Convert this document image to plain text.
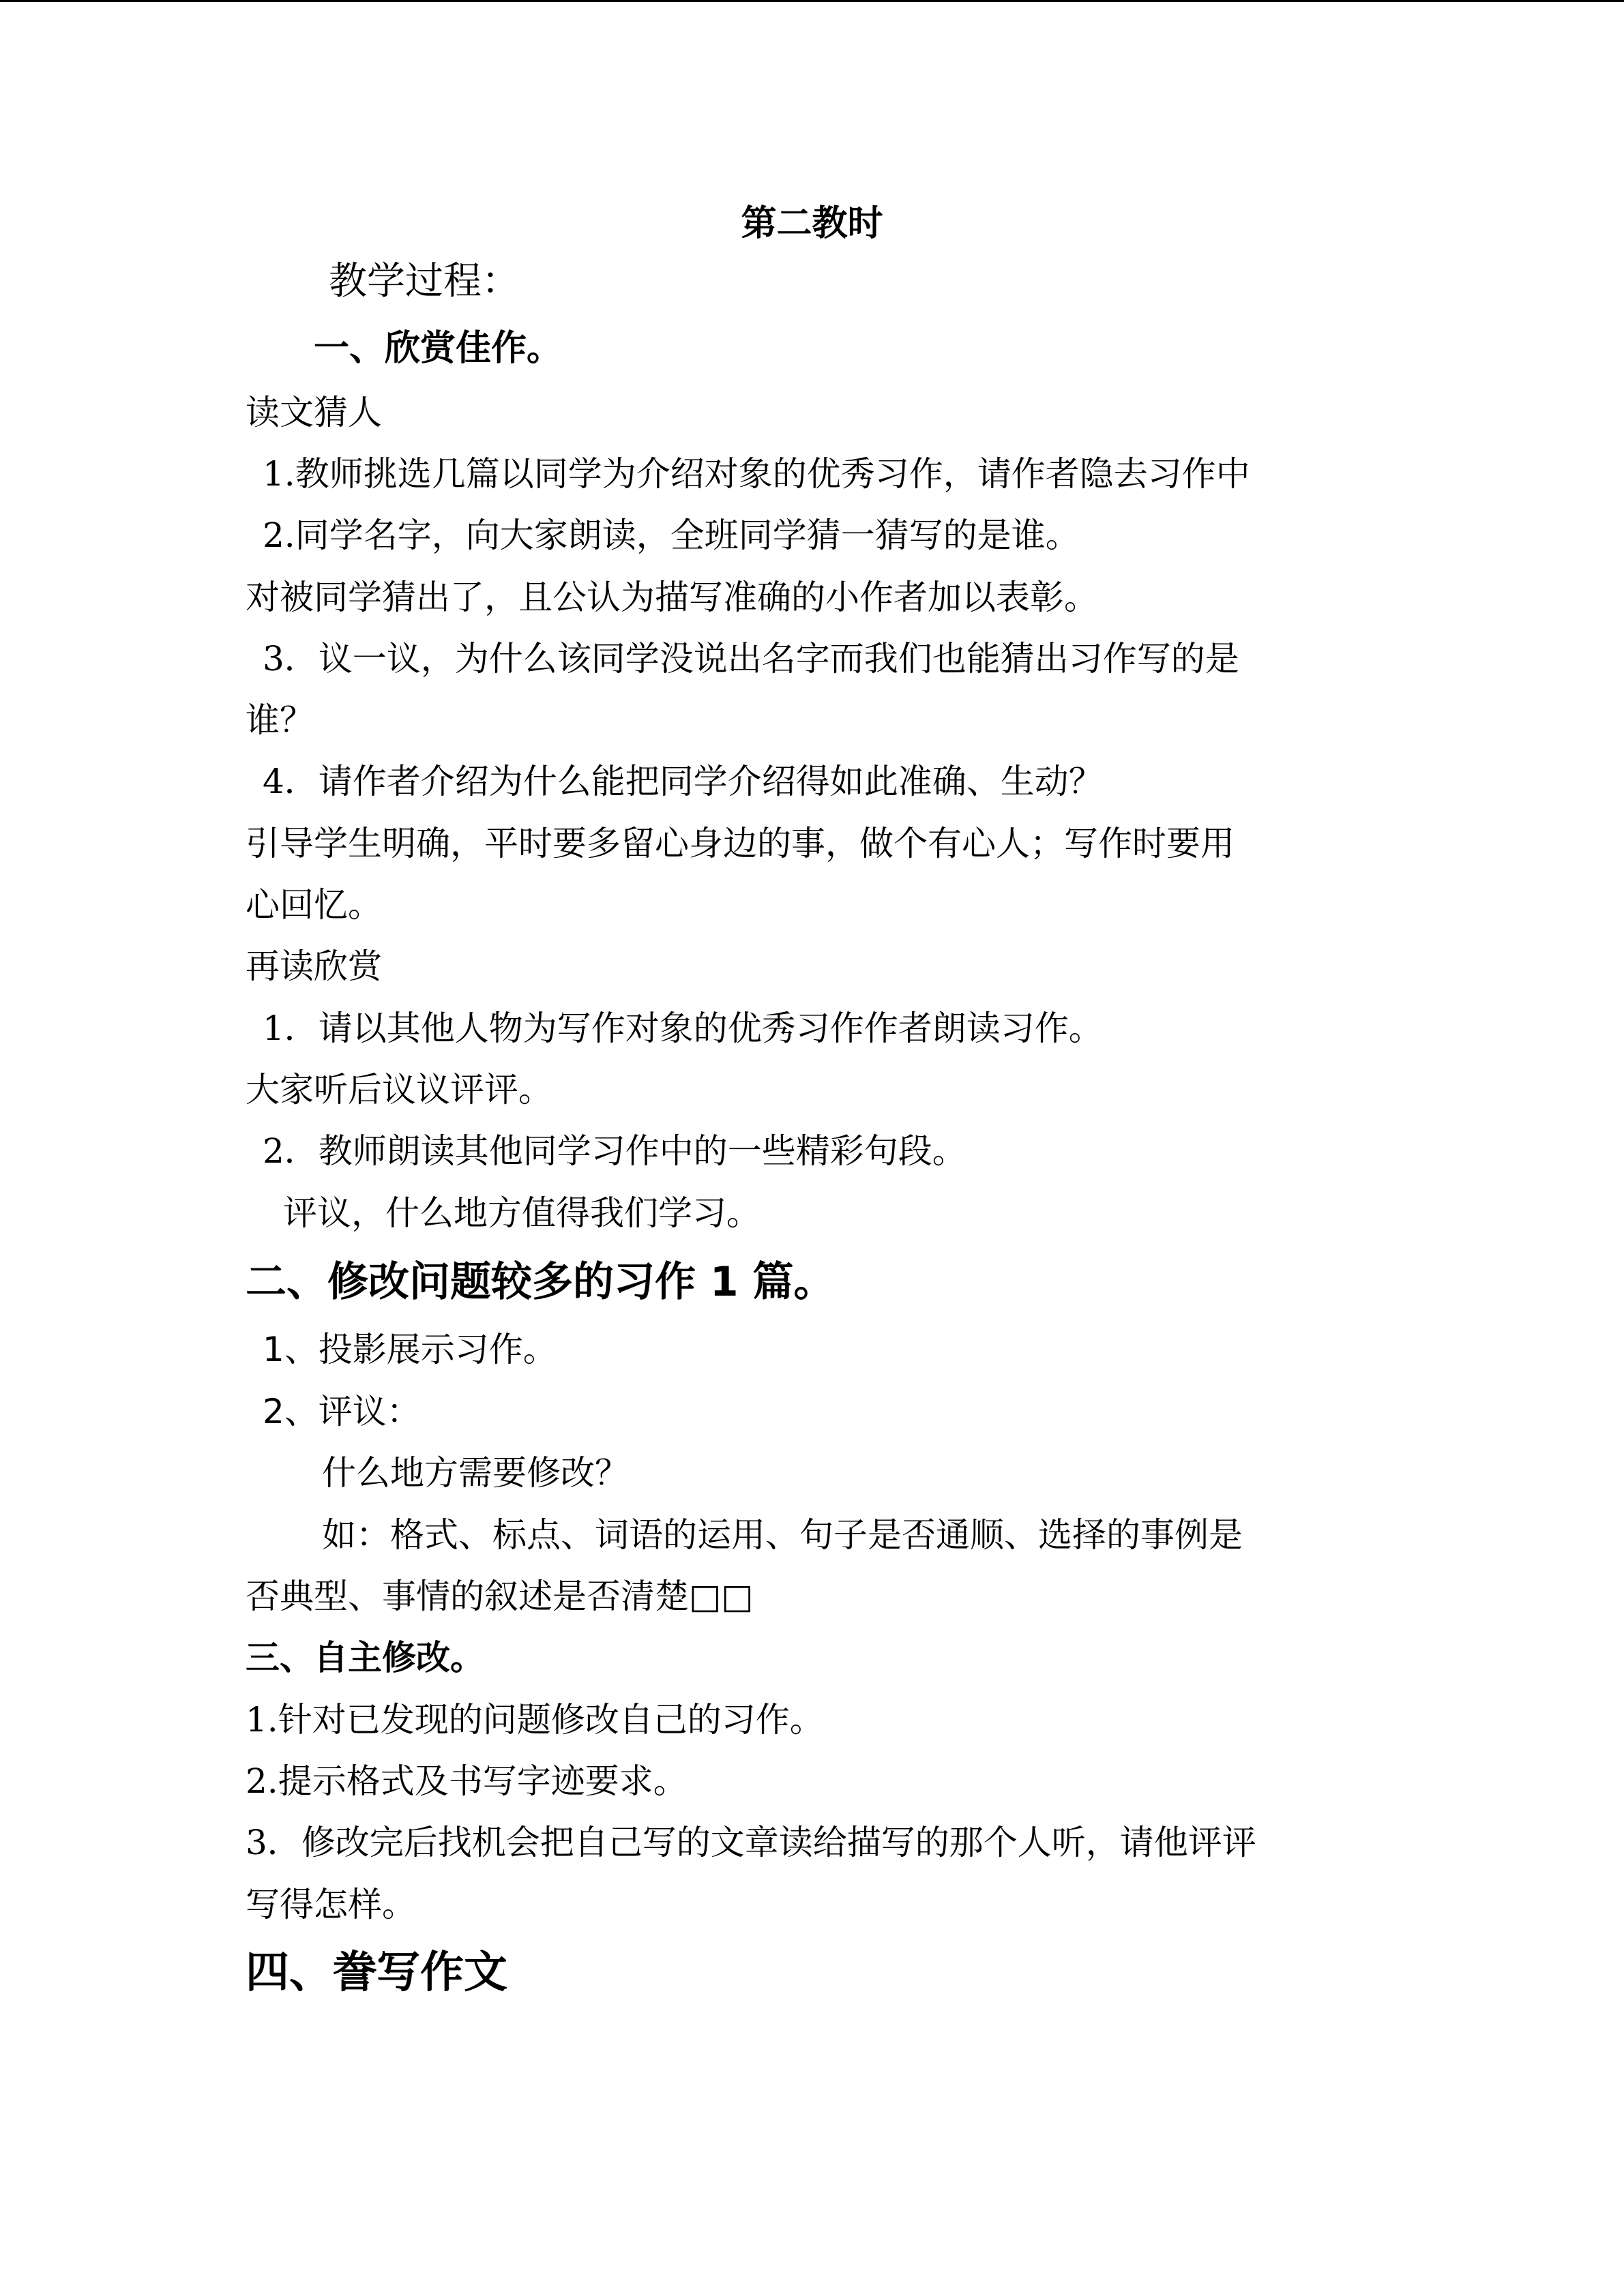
第二教时
教学过程：
一、欣赏佳作。
读文猜人
1.教师挑选几篇以同学为介绍对象的优秀习作，请作者隐去习作中
2.同学名字，向大家朗读，全班同学猜一猜写的是谁。
对被同学猜出了，且公认为描写准确的小作者加以表彰。
3．议一议，为什么该同学没说出名字而我们也能猜出习作写的是
谁？
4．请作者介绍为什么能把同学介绍得如此准确、生动？
引导学生明确，平时要多留心身边的事，做个有心人；写作时要用
心回忆。
再读欣赏
1．请以其他人物为写作对象的优秀习作作者朗读习作。
大家听后议议评评。
2．教师朗读其他同学习作中的一些精彩句段。
评议，什么地方值得我们学习。
二、修改问题较多的习作 1 篇。
1、投影展示习作。
2、评议：
什么地方需要修改？
如：格式、标点、词语的运用、句子是否通顺、选择的事例是
否典型、事情的叙述是否清楚□□
三、自主修改。
1.针对已发现的问题修改自己的习作。
2.提示格式及书写字迹要求。
3．修改完后找机会把自己写的文章读给描写的那个人听，请他评评
写得怎样。
四、誊写作文
